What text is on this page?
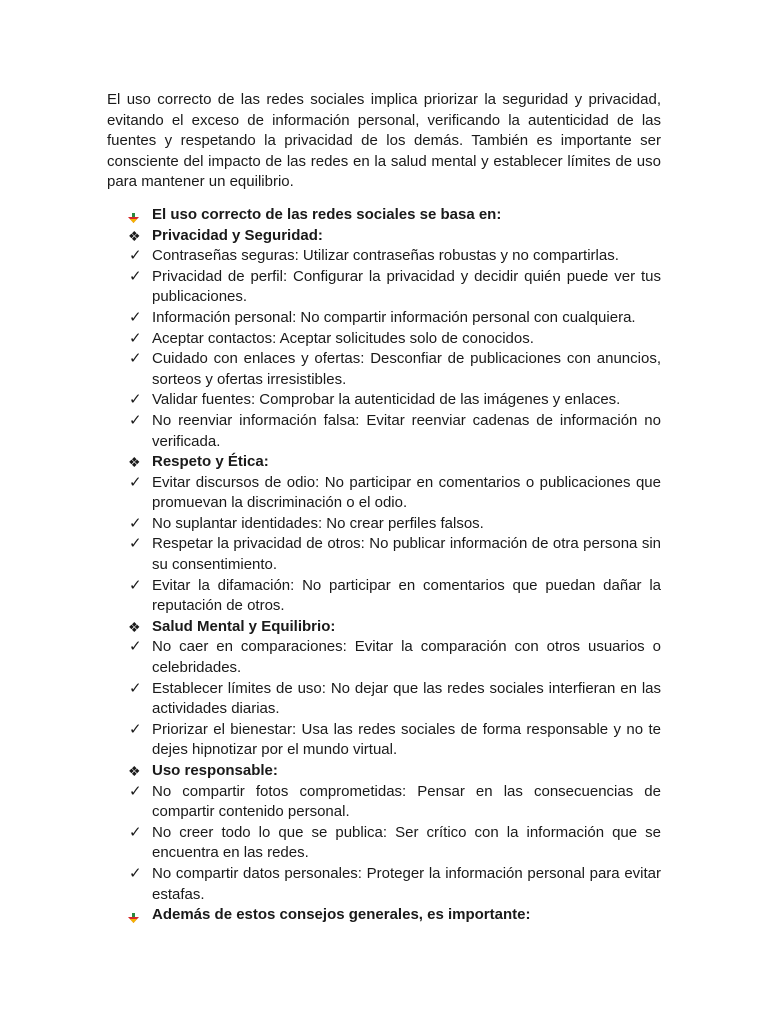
El uso correcto de las redes sociales implica priorizar la seguridad y privacidad, evitando el exceso de información personal, verificando la autenticidad de las fuentes y respetando la privacidad de los demás. También es importante ser consciente del impacto de las redes en la salud mental y establecer límites de uso para mantener un equilibrio.

El uso correcto de las redes sociales se basa en:
❖ Privacidad y Seguridad:
✓ Contraseñas seguras: Utilizar contraseñas robustas y no compartirlas.
✓ Privacidad de perfil: Configurar la privacidad y decidir quién puede ver tus publicaciones.
✓ Información personal: No compartir información personal con cualquiera.
✓ Aceptar contactos: Aceptar solicitudes solo de conocidos.
✓ Cuidado con enlaces y ofertas: Desconfiar de publicaciones con anuncios, sorteos y ofertas irresistibles.
✓ Validar fuentes: Comprobar la autenticidad de las imágenes y enlaces.
✓ No reenviar información falsa: Evitar reenviar cadenas de información no verificada.
❖ Respeto y Ética:
✓ Evitar discursos de odio: No participar en comentarios o publicaciones que promuevan la discriminación o el odio.
✓ No suplantar identidades: No crear perfiles falsos.
✓ Respetar la privacidad de otros: No publicar información de otra persona sin su consentimiento.
✓ Evitar la difamación: No participar en comentarios que puedan dañar la reputación de otros.
❖ Salud Mental y Equilibrio:
✓ No caer en comparaciones: Evitar la comparación con otros usuarios o celebridades.
✓ Establecer límites de uso: No dejar que las redes sociales interfieran en las actividades diarias.
✓ Priorizar el bienestar: Usa las redes sociales de forma responsable y no te dejes hipnotizar por el mundo virtual.
❖ Uso responsable:
✓ No compartir fotos comprometidas: Pensar en las consecuencias de compartir contenido personal.
✓ No creer todo lo que se publica: Ser crítico con la información que se encuentra en las redes.
✓ No compartir datos personales: Proteger la información personal para evitar estafas.
Además de estos consejos generales, es importante:
